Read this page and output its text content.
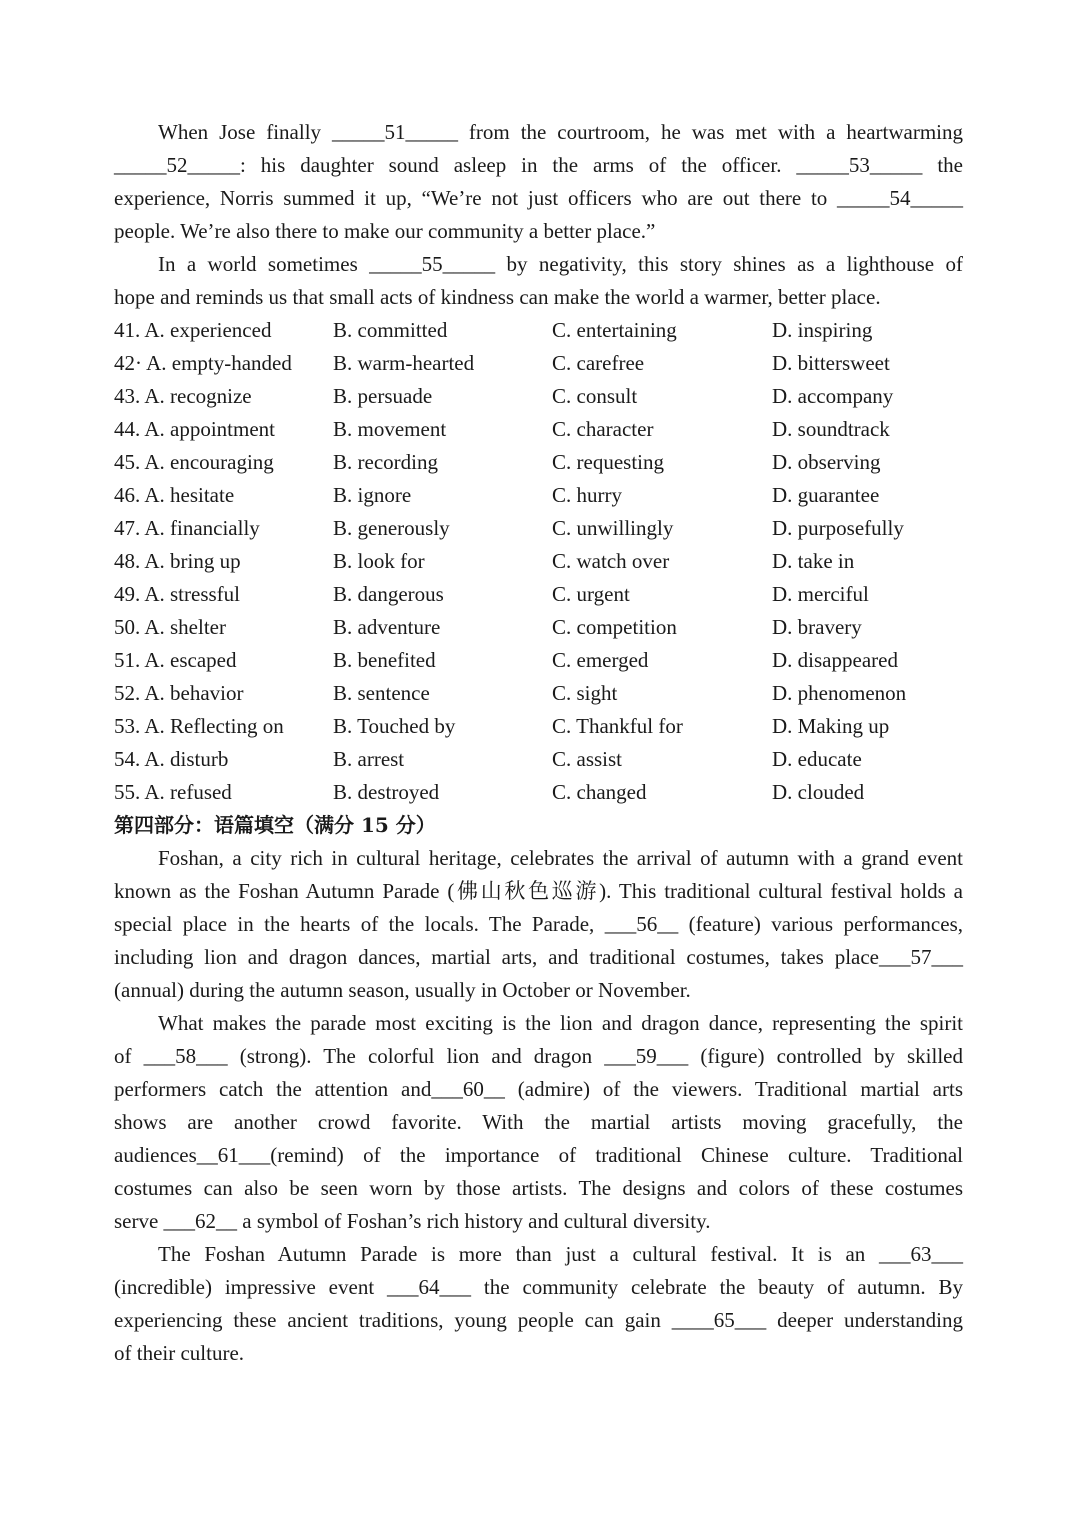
When Jose finally _____51_____ from the courtroom, he was met with a heartwarming
_____52_____: his daughter sound asleep in the arms of the officer. _____53_____ the
experience, Norris summed it up, “We’re not just officers who are out there to _____54_____
people. We’re also there to make our community a better place.”
In a world sometimes _____55_____ by negativity, this story shines as a lighthouse of
hope and reminds us that small acts of kindness can make the world a warmer, better place.
41. A. experienced	B. committed	C. entertaining	D. inspiring
42· A. empty-handed	B. warm-hearted	C. carefree	D. bittersweet
43. A. recognize	B. persuade	C. consult	D. accompany
44. A. appointment	B. movement	C. character	D. soundtrack
45. A. encouraging	B. recording	C. requesting	D. observing
46. A. hesitate	B. ignore	C. hurry	D. guarantee
47. A. financially	B. generously	C. unwillingly	D. purposefully
48. A. bring up	B. look for	C. watch over	D. take in
49. A. stressful	B. dangerous	C. urgent	D. merciful
50. A. shelter	B. adventure	C. competition	D. bravery
51. A. escaped	B. benefited	C. emerged	D. disappeared
52. A. behavior	B. sentence	C. sight	D. phenomenon
53. A. Reflecting on	B. Touched by	C. Thankful for	D. Making up
54. A. disturb	B. arrest	C. assist	D. educate
55. A. refused	B. destroyed	C. changed	D. clouded
第四部分：语篇填空（满分 15 分）
Foshan, a city rich in cultural heritage, celebrates the arrival of autumn with a grand event
known as the Foshan Autumn Parade (佛山秋色巡游). This traditional cultural festival holds a
special place in the hearts of the locals. The Parade, ___56__ (feature) various performances,
including lion and dragon dances, martial arts, and traditional costumes, takes place___57___
(annual) during the autumn season, usually in October or November.
What makes the parade most exciting is the lion and dragon dance, representing the spirit
of ___58___ (strong). The colorful lion and dragon ___59___ (figure) controlled by skilled
performers catch the attention and___60__ (admire) of the viewers. Traditional martial arts
shows are another crowd favorite. With the martial artists moving gracefully, the
audiences__61___(remind) of the importance of traditional Chinese culture. Traditional
costumes can also be seen worn by those artists. The designs and colors of these costumes
serve ___62__ a symbol of Foshan’s rich history and cultural diversity.
The Foshan Autumn Parade is more than just a cultural festival. It is an ___63___
(incredible) impressive event ___64___ the community celebrate the beauty of autumn. By
experiencing these ancient traditions, young people can gain ____65___ deeper understanding
of their culture.
